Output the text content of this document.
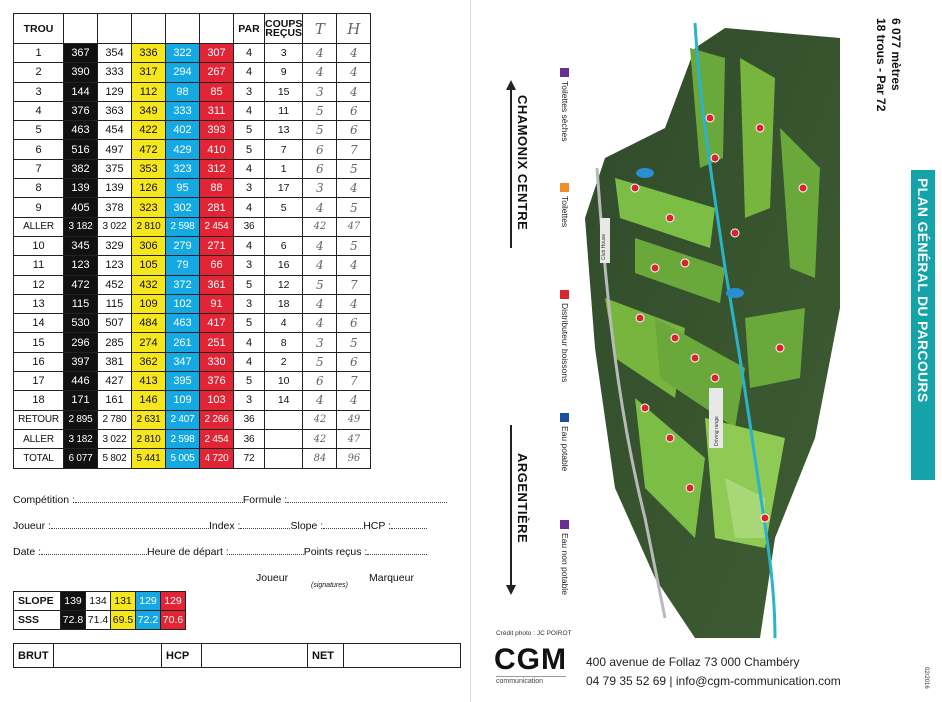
TROU						PAR	COUPS
REÇUS	T	H
1	367	354	336	322	307	4	3	4	4
2	390	333	317	294	267	4	9	4	4
3	144	129	112	98	85	3	15	3	4
4	376	363	349	333	311	4	11	5	6
5	463	454	422	402	393	5	13	5	6
6	516	497	472	429	410	5	7	6	7
7	382	375	353	323	312	4	1	6	5
8	139	139	126	95	88	3	17	3	4
9	405	378	323	302	281	4	5	4	5
ALLER	3 182	3 022	2 810	2 598	2 454	36		42	47
10	345	329	306	279	271	4	6	4	5
11	123	123	105	79	66	3	16	4	4
12	472	452	432	372	361	5	12	5	7
13	115	115	109	102	91	3	18	4	4
14	530	507	484	463	417	5	4	4	6
15	296	285	274	261	251	4	8	3	5
16	397	381	362	347	330	4	2	5	6
17	446	427	413	395	376	5	10	6	7
18	171	161	146	109	103	3	14	4	4
RETOUR	2 895	2 780	2 631	2 407	2 266	36		42	49
ALLER	3 182	3 022	2 810	2 598	2 454	36		42	47
TOTAL	6 077	5 802	5 441	5 005	4 720	72		84	96
Compétition :	Formule :
Joueur :	Index :	Slope :	HCP :
Date :	Heure de départ :	Points reçus :
Joueur	Marqueur
(signatures)
SLOPE	139	134	131	129	129
SSS	72.8	71.4	69.5	72.2	70.6
BRUT		HCP		NET	
CHAMONIX CENTRE
ARGENTIÈRE
Toilettes sèches
Toilettes
Distributeur boissons
Eau potable
Eau non potable
Club House
Driving range
PLAN GÉNÉRAL DU PARCOURS
6 077 mètres
18 trous - Par 72
02/2016
Crédit photo : JC POIROT
CGM
communication
400 avenue de Follaz 73 000 Chambéry
04 79 35 52 69 | info@cgm-communication.com
